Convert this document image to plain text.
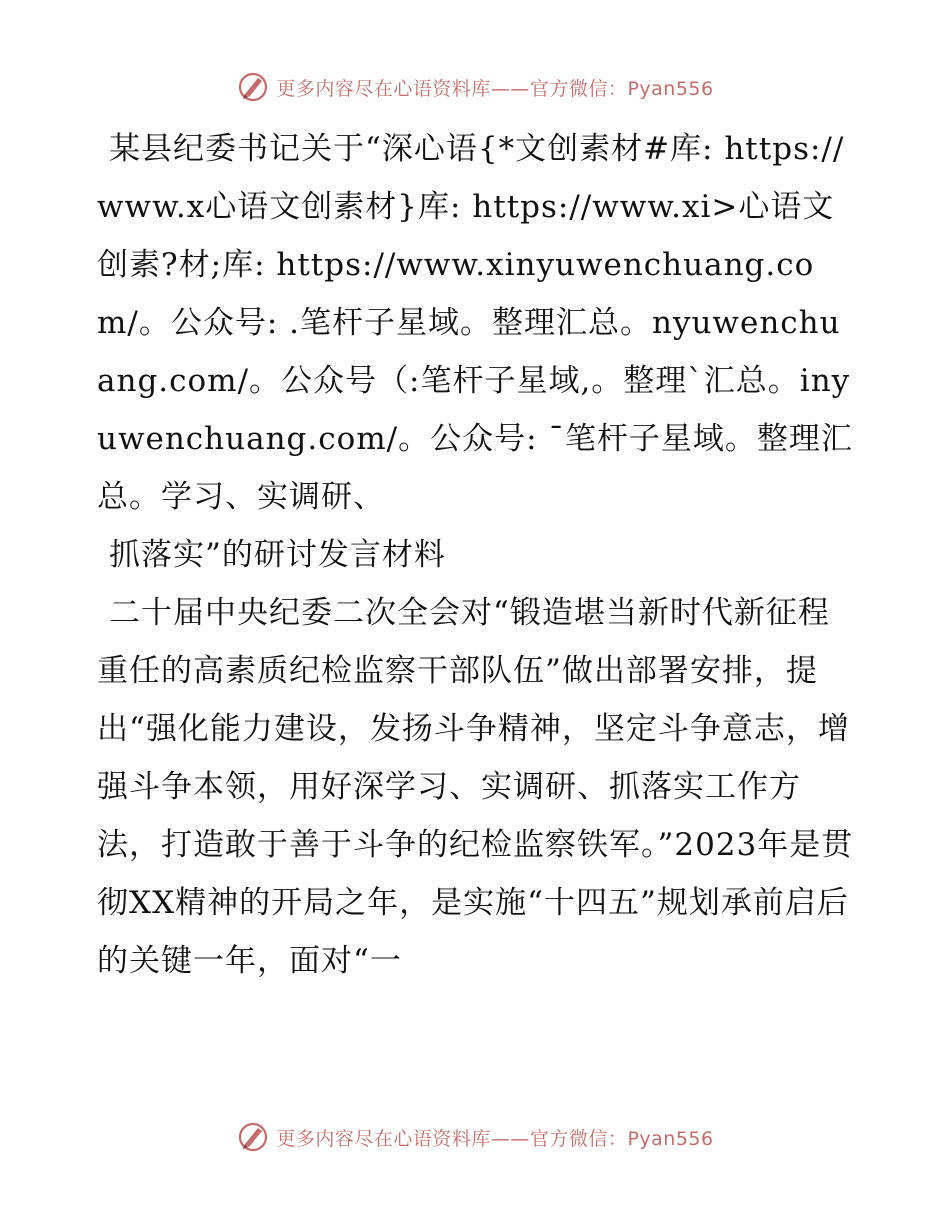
更多内容尽在心语资料库——官方微信：Pyan556

某县纪委书记关于“深心语{*文创素材#库: https://www.x心语文创素材}库: https://www.xi>心语文创素?材;库: https://www.xinyuwenchuang.com/。公众号: .笔杆子星域。整理汇总。nyuwenchuang.com/。公众号（:笔杆子星域,。整理`汇总。inyuwenchuang.com/。公众号: ¯笔杆子星域。整理汇总。学习、实调研、

抓落实”的研讨发言材料

二十届中央纪委二次全会对“锻造堪当新时代新征程重任的高素质纪检监察干部队伍”做出部署安排，提出“强化能力建设，发扬斗争精神，坚定斗争意志，增强斗争本领，用好深学习、实调研、抓落实工作方法，打造敢于善于斗争的纪检监察铁军。”2023年是贯彻XX精神的开局之年，是实施“十四五”规划承前启后的关键一年，面对“一

更多内容尽在心语资料库——官方微信：Pyan556
